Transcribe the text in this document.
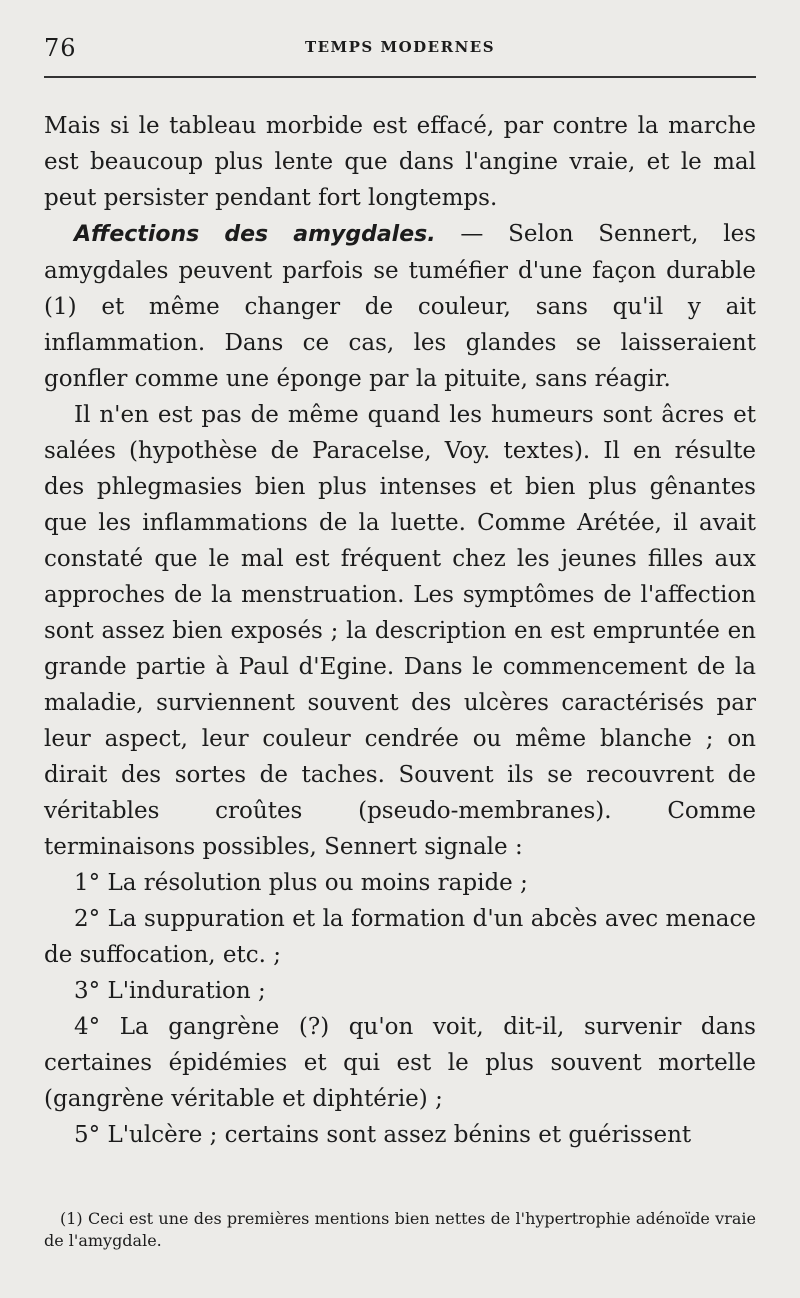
76	TEMPS MODERNES

Mais si le tableau morbide est effacé, par contre la marche est beaucoup plus lente que dans l'angine vraie, et le mal peut persister pendant fort longtemps.

Affections des amygdales. — Selon Sennert, les amygdales peuvent parfois se tuméfier d'une façon durable (1) et même changer de couleur, sans qu'il y ait inflammation. Dans ce cas, les glandes se laisseraient gonfler comme une éponge par la pituite, sans réagir.

Il n'en est pas de même quand les humeurs sont âcres et salées (hypothèse de Paracelse, Voy. textes). Il en résulte des phlegmasies bien plus intenses et bien plus gênantes que les inflammations de la luette. Comme Arétée, il avait constaté que le mal est fréquent chez les jeunes filles aux approches de la menstruation. Les symptômes de l'affection sont assez bien exposés ; la description en est empruntée en grande partie à Paul d'Egine. Dans le commencement de la maladie, surviennent souvent des ulcères caractérisés par leur aspect, leur couleur cendrée ou même blanche ; on dirait des sortes de taches. Souvent ils se recouvrent de véritables croûtes (pseudo-membranes). Comme terminaisons possibles, Sennert signale :

1° La résolution plus ou moins rapide ;

2° La suppuration et la formation d'un abcès avec menace de suffocation, etc. ;

3° L'induration ;

4° La gangrène (?) qu'on voit, dit-il, survenir dans certaines épidémies et qui est le plus souvent mortelle (gangrène véritable et diphtérie) ;

5° L'ulcère ; certains sont assez bénins et guérissent

(1) Ceci est une des premières mentions bien nettes de l'hypertrophie adénoïde vraie de l'amygdale.
